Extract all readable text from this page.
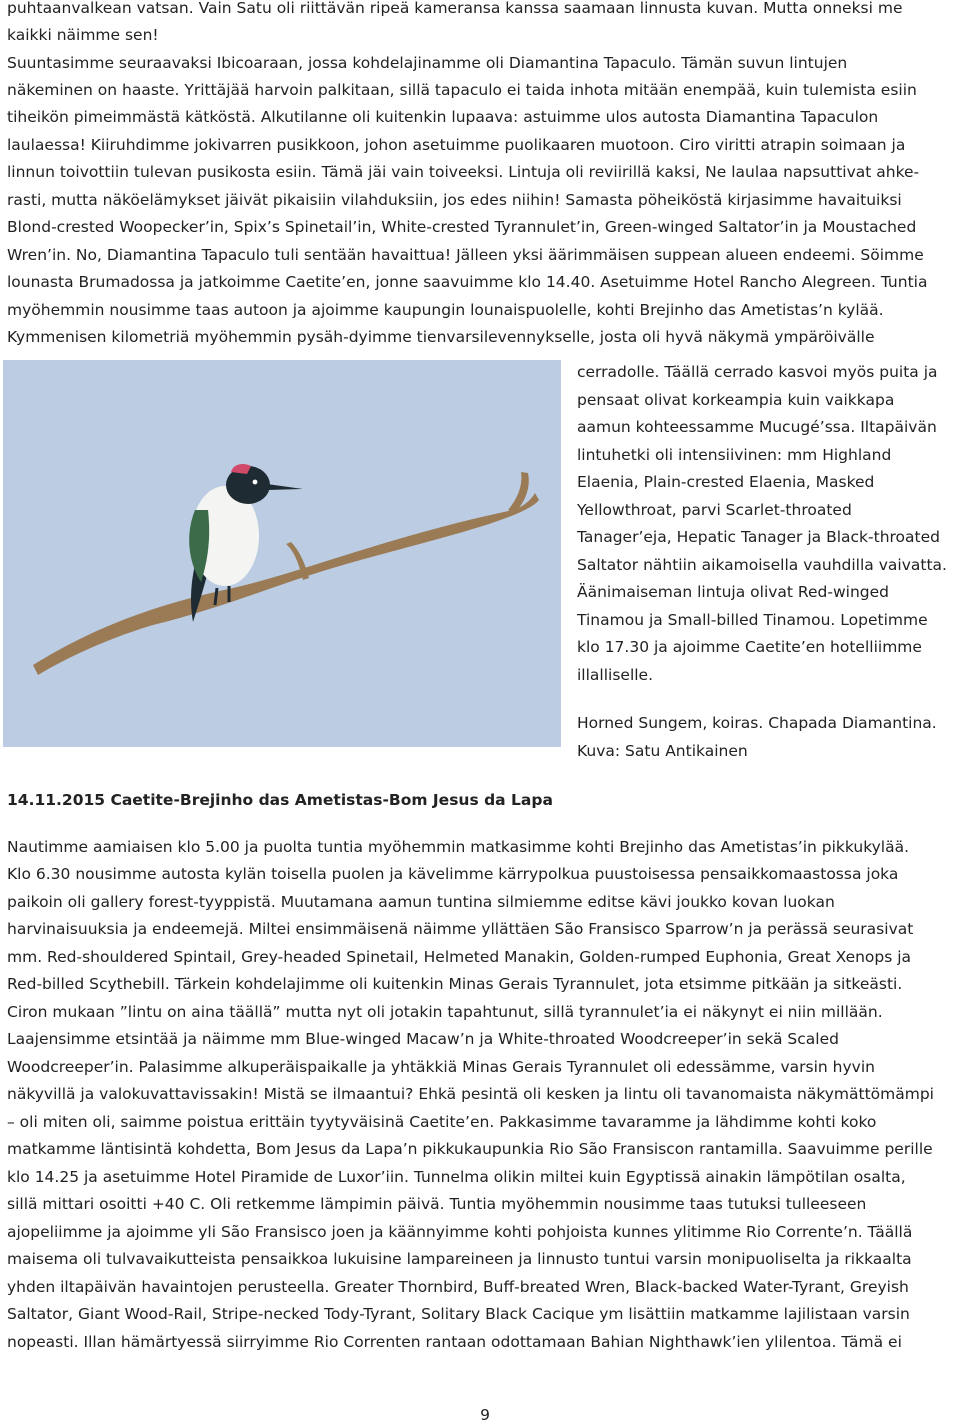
puhtaanvalkean vatsan. Vain Satu oli riittävän ripeä kameransa kanssa saamaan linnusta kuvan. Mutta onneksi me
kaikki näimme sen!
Suuntasimme seuraavaksi Ibicoaraan, jossa kohdelajinamme oli Diamantina Tapaculo. Tämän suvun lintujen
näkeminen on haaste. Yrittäjää harvoin palkitaan, sillä tapaculo ei taida inhota mitään enempää, kuin tulemista esiin
tiheikön pimeimmästä kätköstä. Alkutilanne oli kuitenkin lupaava: astuimme ulos autosta Diamantina Tapaculon
laulaessa! Kiiruhdimme jokivarren pusikkoon, johon asetuimme puolikaaren muotoon. Ciro viritti atrapin soimaan ja
linnun toivottiin tulevan pusikosta esiin. Tämä jäi vain toiveeksi. Lintuja oli reviirillä kaksi, Ne laulaa napsuttivat ahke-
rasti, mutta näköelämykset jäivät pikaisiin vilahduksiin, jos edes niihin! Samasta pöheiköstä kirjasimme havaituiksi
Blond-crested Woopecker’in, Spix’s Spinetail’in, White-crested Tyrannulet’in, Green-winged Saltator’in ja Moustached
Wren’in. No, Diamantina Tapaculo tuli sentään havaittua! Jälleen yksi äärimmäisen suppean alueen endeemi. Söimme
lounasta Brumadossa ja jatkoimme Caetite’en, jonne saavuimme klo 14.40. Asetuimme Hotel Rancho Alegreen. Tuntia
myöhemmin nousimme taas autoon ja ajoimme kaupungin lounaispuolelle, kohti Brejinho das Ametistas’n kylää.
Kymmenisen kilometriä myöhemmin pysäh-dyimme tienvarsilevennykselle, josta oli hyvä näkymä ympäröivälle
cerradolle. Täällä cerrado kasvoi myös puita ja
pensaat olivat korkeampia kuin vaikkapa
aamun kohteessamme Mucugé’ssa. Iltapäivän
lintuhetki oli intensiivinen: mm Highland
Elaenia, Plain-crested Elaenia, Masked
Yellowthroat, parvi Scarlet-throated
Tanager’eja, Hepatic Tanager ja Black-throated
Saltator nähtiin aikamoisella vauhdilla vaivatta.
Äänimaiseman lintuja olivat Red-winged
Tinamou ja Small-billed Tinamou. Lopetimme
klo 17.30 ja ajoimme Caetite’en hotelliimme
illalliselle.
Horned Sungem, koiras. Chapada Diamantina.
Kuva: Satu Antikainen
14.11.2015 Caetite-Brejinho das Ametistas-Bom Jesus da Lapa
Nautimme aamiaisen klo 5.00 ja puolta tuntia myöhemmin matkasimme kohti Brejinho das Ametistas’in pikkukylää.
Klo 6.30 nousimme autosta kylän toisella puolen ja kävelimme kärrypolkua puustoisessa pensaikkomaastossa joka
paikoin oli gallery forest-tyyppistä. Muutamana aamun tuntina silmiemme editse kävi joukko kovan luokan
harvinaisuuksia ja endeemejä. Miltei ensimmäisenä näimme yllättäen São Fransisco Sparrow’n ja perässä seurasivat
mm. Red-shouldered Spintail, Grey-headed Spinetail, Helmeted Manakin, Golden-rumped Euphonia, Great Xenops ja
Red-billed Scythebill. Tärkein kohdelajimme oli kuitenkin Minas Gerais Tyrannulet, jota etsimme pitkään ja sitkeästi.
Ciron mukaan ”lintu on aina täällä” mutta nyt oli jotakin tapahtunut, sillä tyrannulet’ia ei näkynyt ei niin millään.
Laajensimme etsintää ja näimme mm Blue-winged Macaw’n ja White-throated Woodcreeper’in sekä Scaled
Woodcreeper’in. Palasimme alkuperäispaikalle ja yhtäkkiä Minas Gerais Tyrannulet oli edessämme, varsin hyvin
näkyvillä ja valokuvattavissakin! Mistä se ilmaantui? Ehkä pesintä oli kesken ja lintu oli tavanomaista näkymättömämpi
– oli miten oli, saimme poistua erittäin tyytyväisinä Caetite’en. Pakkasimme tavaramme ja lähdimme kohti koko
matkamme läntisintä kohdetta, Bom Jesus da Lapa’n pikkukaupunkia Rio São Fransiscon rantamilla. Saavuimme perille
klo 14.25 ja asetuimme Hotel Piramide de Luxor’iin. Tunnelma olikin miltei kuin Egyptissä ainakin lämpötilan osalta,
sillä mittari osoitti +40 C. Oli retkemme lämpimin päivä. Tuntia myöhemmin nousimme taas tutuksi tulleeseen
ajopeliimme ja ajoimme yli São Fransisco joen ja käännyimme kohti pohjoista kunnes ylitimme Rio Corrente’n. Täällä
maisema oli tulvavaikutteista pensaikkoa lukuisine lampareineen ja linnusto tuntui varsin monipuoliselta ja rikkaalta
yhden iltapäivän havaintojen perusteella. Greater Thornbird, Buff-breated Wren, Black-backed Water-Tyrant, Greyish
Saltator, Giant Wood-Rail, Stripe-necked Tody-Tyrant, Solitary Black Cacique ym lisättiin matkamme lajilistaan varsin
nopeasti. Illan hämärtyessä siirryimme Rio Correnten rantaan odottamaan Bahian Nighthawk’ien ylilentoa. Tämä ei
9
